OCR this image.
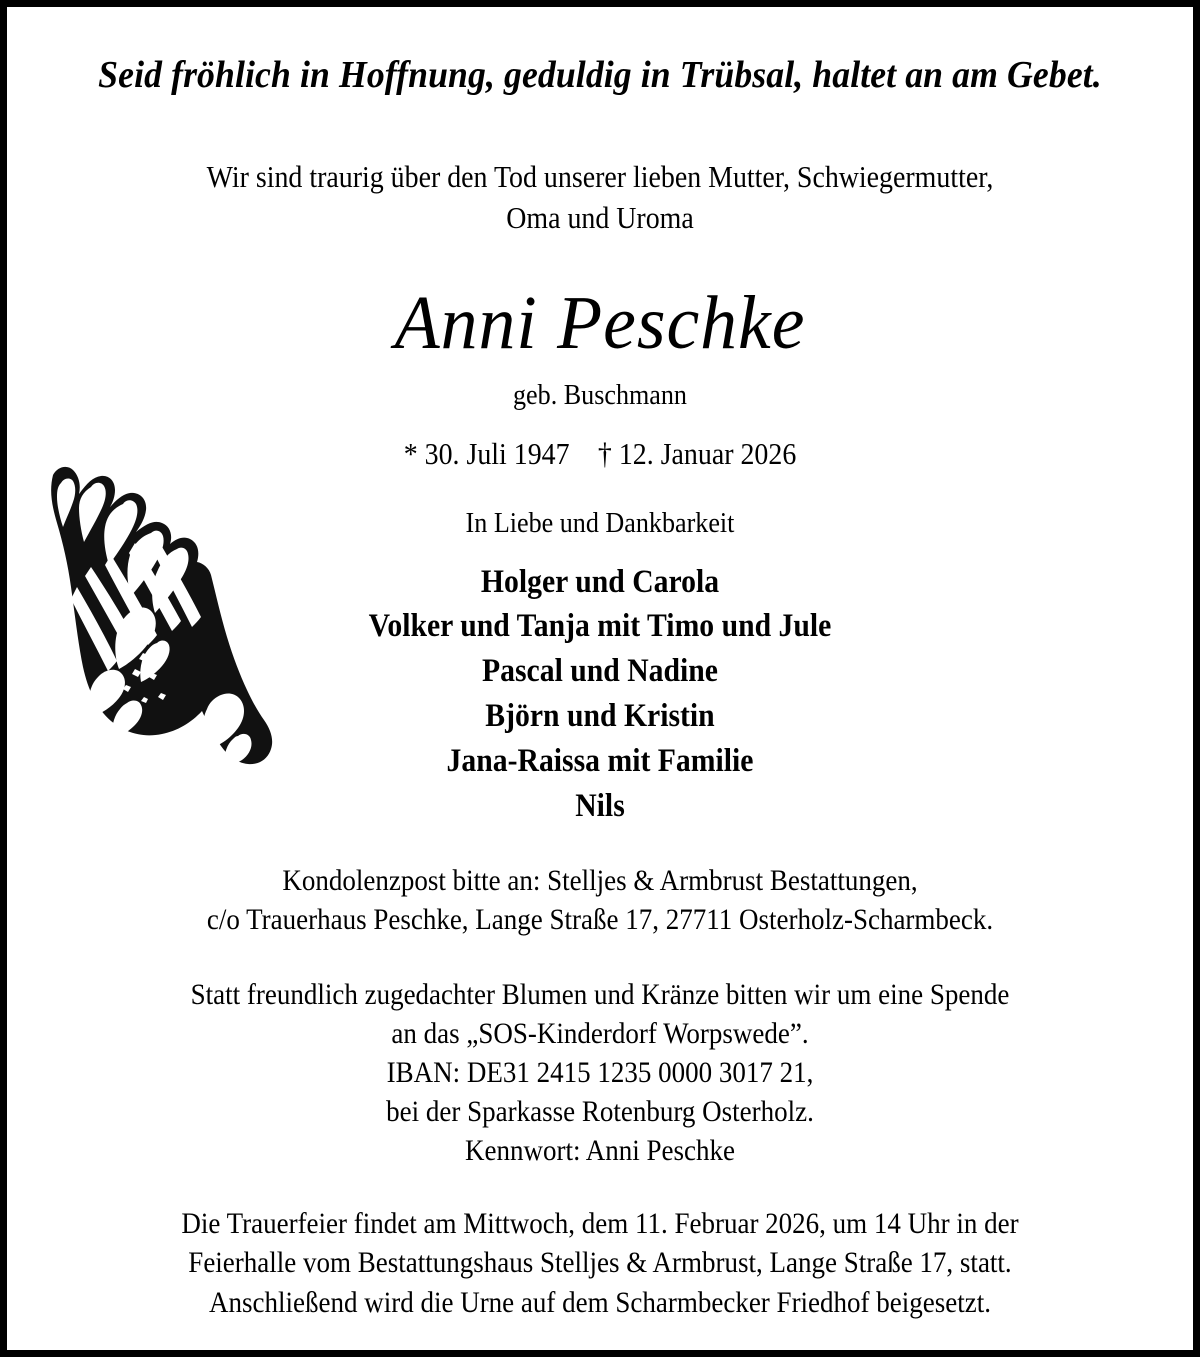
Seid fröhlich in Hoffnung, geduldig in Trübsal, haltet an am Gebet.
Wir sind traurig über den Tod unserer lieben Mutter, Schwiegermutter,
Oma und Uroma
Anni Peschke
geb. Buschmann
* 30. Juli 1947 † 12. Januar 2026
In Liebe und Dankbarkeit
Holger und Carola
Volker und Tanja mit Timo und Jule
Pascal und Nadine
Björn und Kristin
Jana-Raissa mit Familie
Nils
Kondolenzpost bitte an: Stelljes & Armbrust Bestattungen,
c/o Trauerhaus Peschke, Lange Straße 17, 27711 Osterholz-Scharmbeck.
Statt freundlich zugedachter Blumen und Kränze bitten wir um eine Spende
an das „SOS-Kinderdorf Worpswede”.
IBAN: DE31 2415 1235 0000 3017 21,
bei der Sparkasse Rotenburg Osterholz.
Kennwort: Anni Peschke
Die Trauerfeier findet am Mittwoch, dem 11. Februar 2026, um 14 Uhr in der
Feierhalle vom Bestattungshaus Stelljes & Armbrust, Lange Straße 17, statt.
Anschließend wird die Urne auf dem Scharmbecker Friedhof beigesetzt.
